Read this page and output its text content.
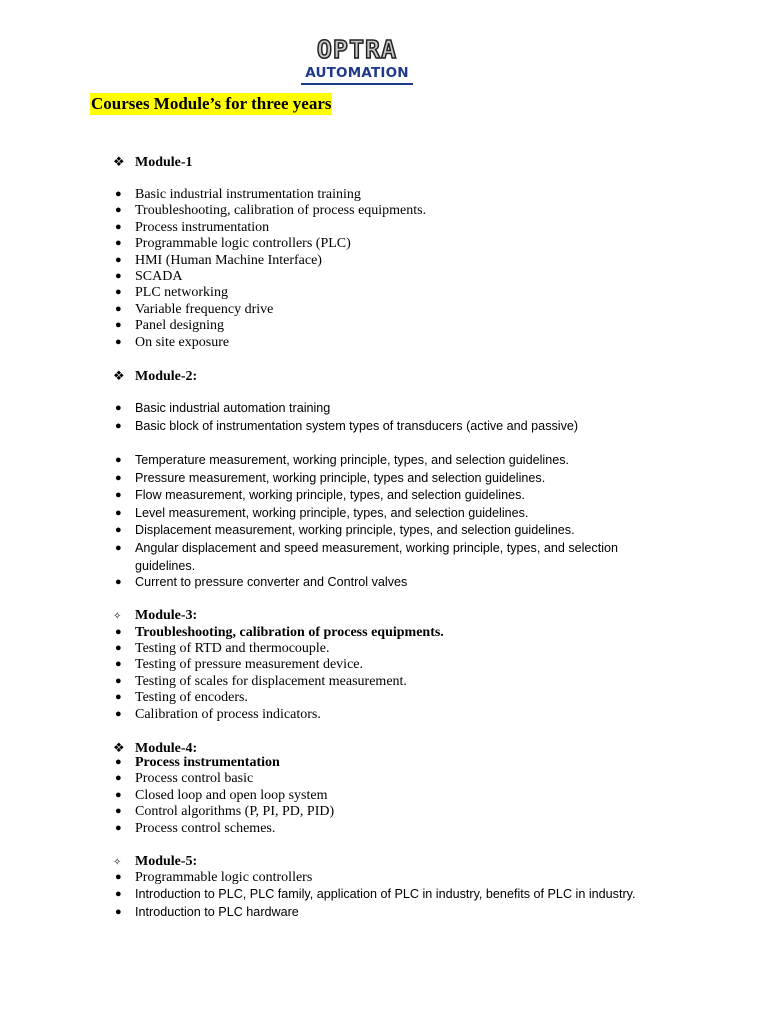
OPTRA
AUTOMATION
Courses Module’s for three years
❖ Module-1
● Basic industrial instrumentation training
● Troubleshooting, calibration of process equipments.
● Process instrumentation
● Programmable logic controllers (PLC)
● HMI (Human Machine Interface)
● SCADA
● PLC networking
● Variable frequency drive
● Panel designing
● On site exposure
❖ Module-2:
● Basic industrial automation training
● Basic block of instrumentation system types of transducers (active and passive)
● Temperature measurement, working principle, types, and selection guidelines.
● Pressure measurement, working principle, types and selection guidelines.
● Flow measurement, working principle, types, and selection guidelines.
● Level measurement, working principle, types, and selection guidelines.
● Displacement measurement, working principle, types, and selection guidelines.
● Angular displacement and speed measurement, working principle, types, and selection
guidelines.
● Current to pressure converter and Control valves
✧ Module-3:
● Troubleshooting, calibration of process equipments.
● Testing of RTD and thermocouple.
● Testing of pressure measurement device.
● Testing of scales for displacement measurement.
● Testing of encoders.
● Calibration of process indicators.
❖ Module-4:
● Process instrumentation
● Process control basic
● Closed loop and open loop system
● Control algorithms (P, PI, PD, PID)
● Process control schemes.
✧ Module-5:
● Programmable logic controllers
● Introduction to PLC, PLC family, application of PLC in industry, benefits of PLC in industry.
● Introduction to PLC hardware
